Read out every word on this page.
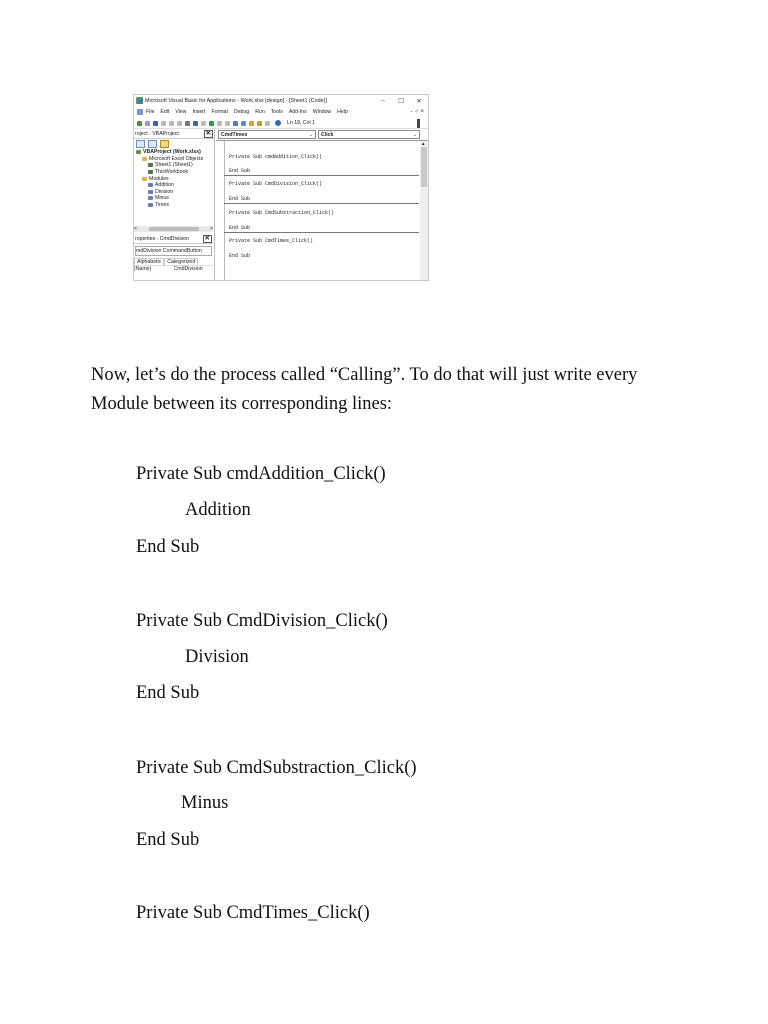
Microsoft Visual Basic for Applications - Work.xlsx [design] - [Sheet1 (Code)]	–	☐	✕
File Edit View Insert Format Debug Run Tools Add-Ins Window Help	- ♂ ×
Ln 18, Col 1
roject - VBAProject	✕
VBAProject (Work.xlsx)
Microsoft Excel Objects
Sheet1 (Sheet1)
ThisWorkbook
Modules
Addition
Division
Minus
Times
<	>
roperties - CmdDivision	✕
mdDivision CommandButton
Alphabetic	Categorized
(Name)	CmdDivision
CmdTimes	⌄ Click	⌄
Private Sub cmdAddition_Click()
End Sub
Private Sub CmdDivision_Click()
End Sub
Private Sub CmdSubstraction_Click()
End Sub
Private Sub CmdTimes_Click()
End Sub
▲

Now, let’s do the process called “Calling”. To do that will just write every Module between its corresponding lines:

Private Sub cmdAddition_Click()
Addition
End Sub
Private Sub CmdDivision_Click()
Division
End Sub
Private Sub CmdSubstraction_Click()
Minus
End Sub
Private Sub CmdTimes_Click()
